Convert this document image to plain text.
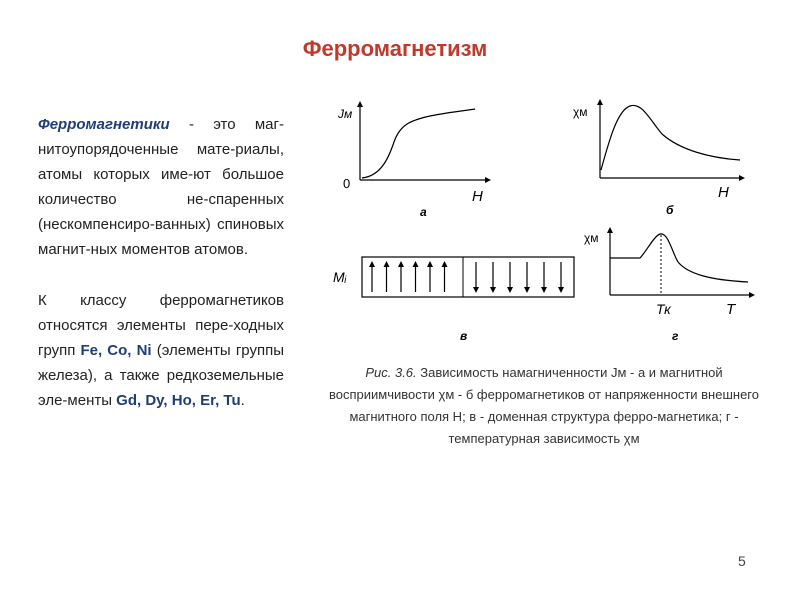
Ферромагнетизм
Ферромагнетики - это маг-нитоупорядоченные мате-риалы, атомы которых име-ют большое количество не-спаренных (нескомпенсиро-ванных) спиновых магнит-ных моментов атомов.
К классу ферромагнетиков относятся элементы пере-ходных групп Fe, Co, Ni (элементы группы железа), а также редкоземельные эле-менты Gd, Dy, Ho, Er, Tu.
Jм
0
H
а
χм
H
б
Mᵢ
в
χм
Тк	T
г
Рис. 3.6. Зависимость намагниченности Jм - а и магнитной восприимчивости χм - б ферромагнетиков от напряженности внешнего магнитного поля H; в - доменная структура ферро-магнетика; г - температурная зависимость χм
5
